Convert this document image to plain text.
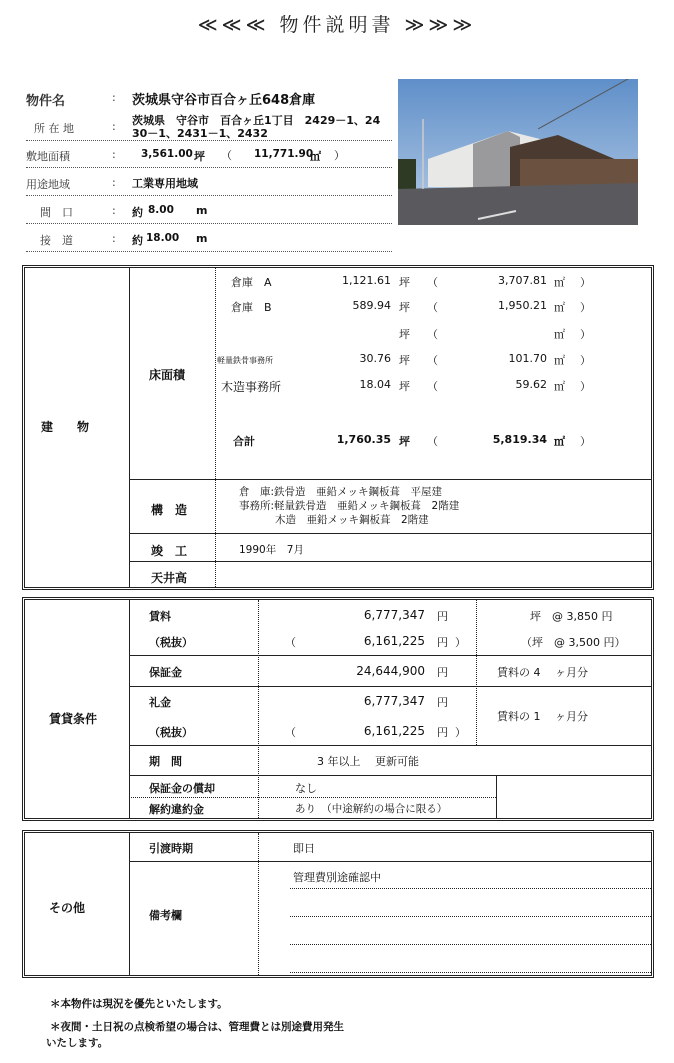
≪≪≪ 物件説明書 ≫≫≫
物件名	: 茨城県守谷市百合ヶ丘648倉庫
所 在 地	: 茨城県　守谷市　百合ヶ丘1丁目　2429－1、24
30－1、2431－1、2432
敷地面積	: 3,561.00 坪 （ 11,771.90
㎡ ）
用途地域	: 工業専用地域
間　口	: 約 8.00 m
接　道	: 約 18.00 m
建　　物
床面積
倉庫　A	1,121.61 坪 （	3,707.81 ㎡ ）
倉庫　B	589.94 坪 （	1,950.21 ㎡ ）
坪 （	㎡ ）
軽量鉄骨事務所	30.76 坪 （	101.70 ㎡ ）
木造事務所	18.04 坪 （	59.62 ㎡ ）
合計	1,760.35 坪 （	5,819.34 ㎡ ）
構　造
倉　庫:鉄骨造　亜鉛メッキ鋼板葺　平屋建
事務所:軽量鉄骨造　亜鉛メッキ鋼板葺　2階建
木造　亜鉛メッキ鋼板葺　2階建
竣　工	1990年　7月
天井高
賃貸条件
賃料	6,777,347 円	坪　@ 3,850 円
（税抜）	（	6,161,225 円 ）	（坪　@ 3,500 円）
保証金	24,644,900 円	賃料の 4　 ヶ月分
礼金	6,777,347 円
賃料の 1　 ヶ月分
（税抜）	（	6,161,225 円 ）
期　間	3 年以上　 更新可能
保証金の償却	なし
解約違約金	あり　（中途解約の場合に限る）
その他
引渡時期	即日
備考欄
管理費別途確認中
＊本物件は現況を優先といたします。
＊夜間・土日祝の点検希望の場合は、管理費とは別途費用発生
いたします。
